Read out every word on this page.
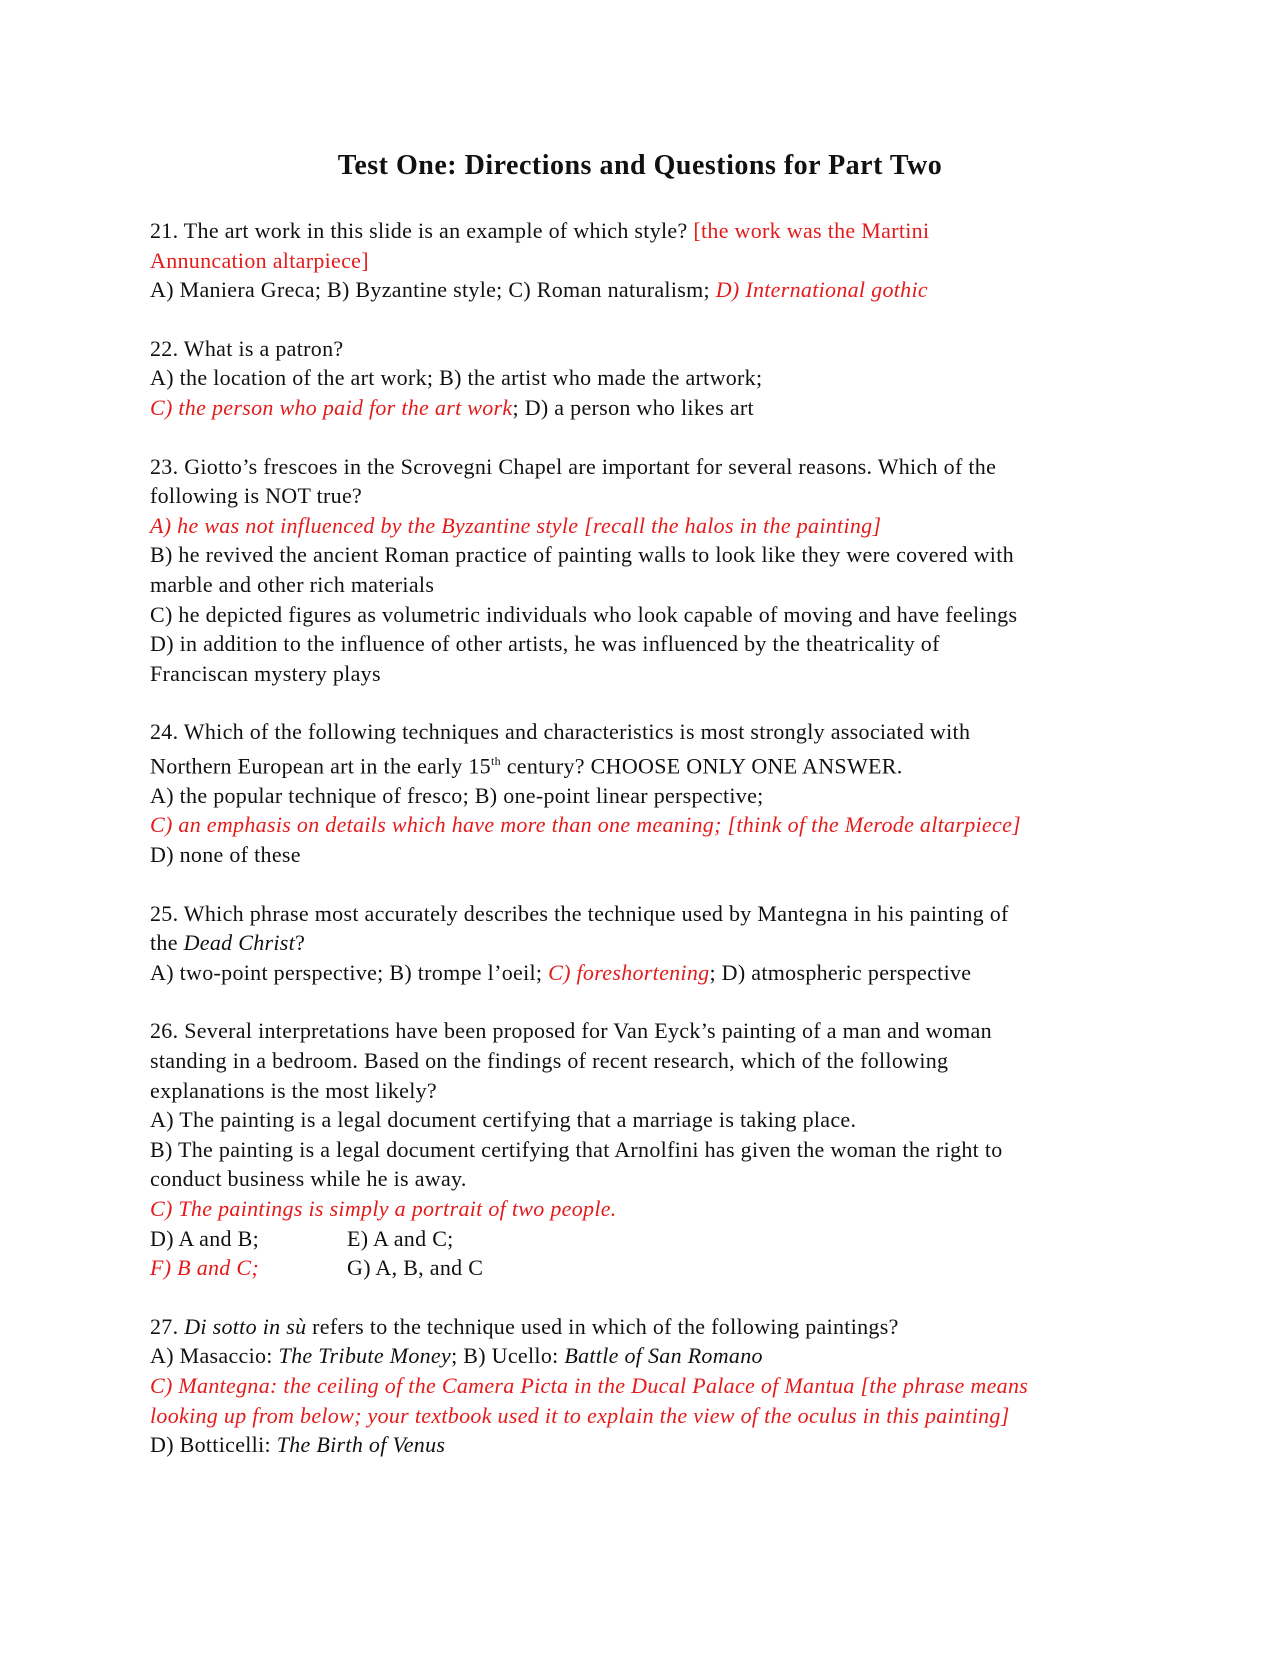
Test One: Directions and Questions for Part Two
21. The art work in this slide is an example of which style? [the work was the Martini
Annuncation altarpiece]
A) Maniera Greca; B) Byzantine style; C) Roman naturalism; D) International gothic
22. What is a patron?
A) the location of the art work; B) the artist who made the artwork;
C) the person who paid for the art work; D) a person who likes art
23. Giotto’s frescoes in the Scrovegni Chapel are important for several reasons. Which of the
following is NOT true?
A) he was not influenced by the Byzantine style [recall the halos in the painting]
B) he revived the ancient Roman practice of painting walls to look like they were covered with
marble and other rich materials
C) he depicted figures as volumetric individuals who look capable of moving and have feelings
D) in addition to the influence of other artists, he was influenced by the theatricality of
Franciscan mystery plays
24. Which of the following techniques and characteristics is most strongly associated with
Northern European art in the early 15th century? CHOOSE ONLY ONE ANSWER.
A) the popular technique of fresco; B) one-point linear perspective;
C) an emphasis on details which have more than one meaning; [think of the Merode altarpiece]
D) none of these
25. Which phrase most accurately describes the technique used by Mantegna in his painting of
the Dead Christ?
A) two-point perspective; B) trompe l’oeil; C) foreshortening; D) atmospheric perspective
26. Several interpretations have been proposed for Van Eyck’s painting of a man and woman
standing in a bedroom. Based on the findings of recent research, which of the following
explanations is the most likely?
A) The painting is a legal document certifying that a marriage is taking place.
B) The painting is a legal document certifying that Arnolfini has given the woman the right to
conduct business while he is away.
C) The paintings is simply a portrait of two people.
D) A and B;	E) A and C;
F) B and C;	G) A, B, and C
27. Di sotto in sù refers to the technique used in which of the following paintings?
A) Masaccio: The Tribute Money; B) Ucello: Battle of San Romano
C) Mantegna: the ceiling of the Camera Picta in the Ducal Palace of Mantua [the phrase means
looking up from below; your textbook used it to explain the view of the oculus in this painting]
D) Botticelli: The Birth of Venus
